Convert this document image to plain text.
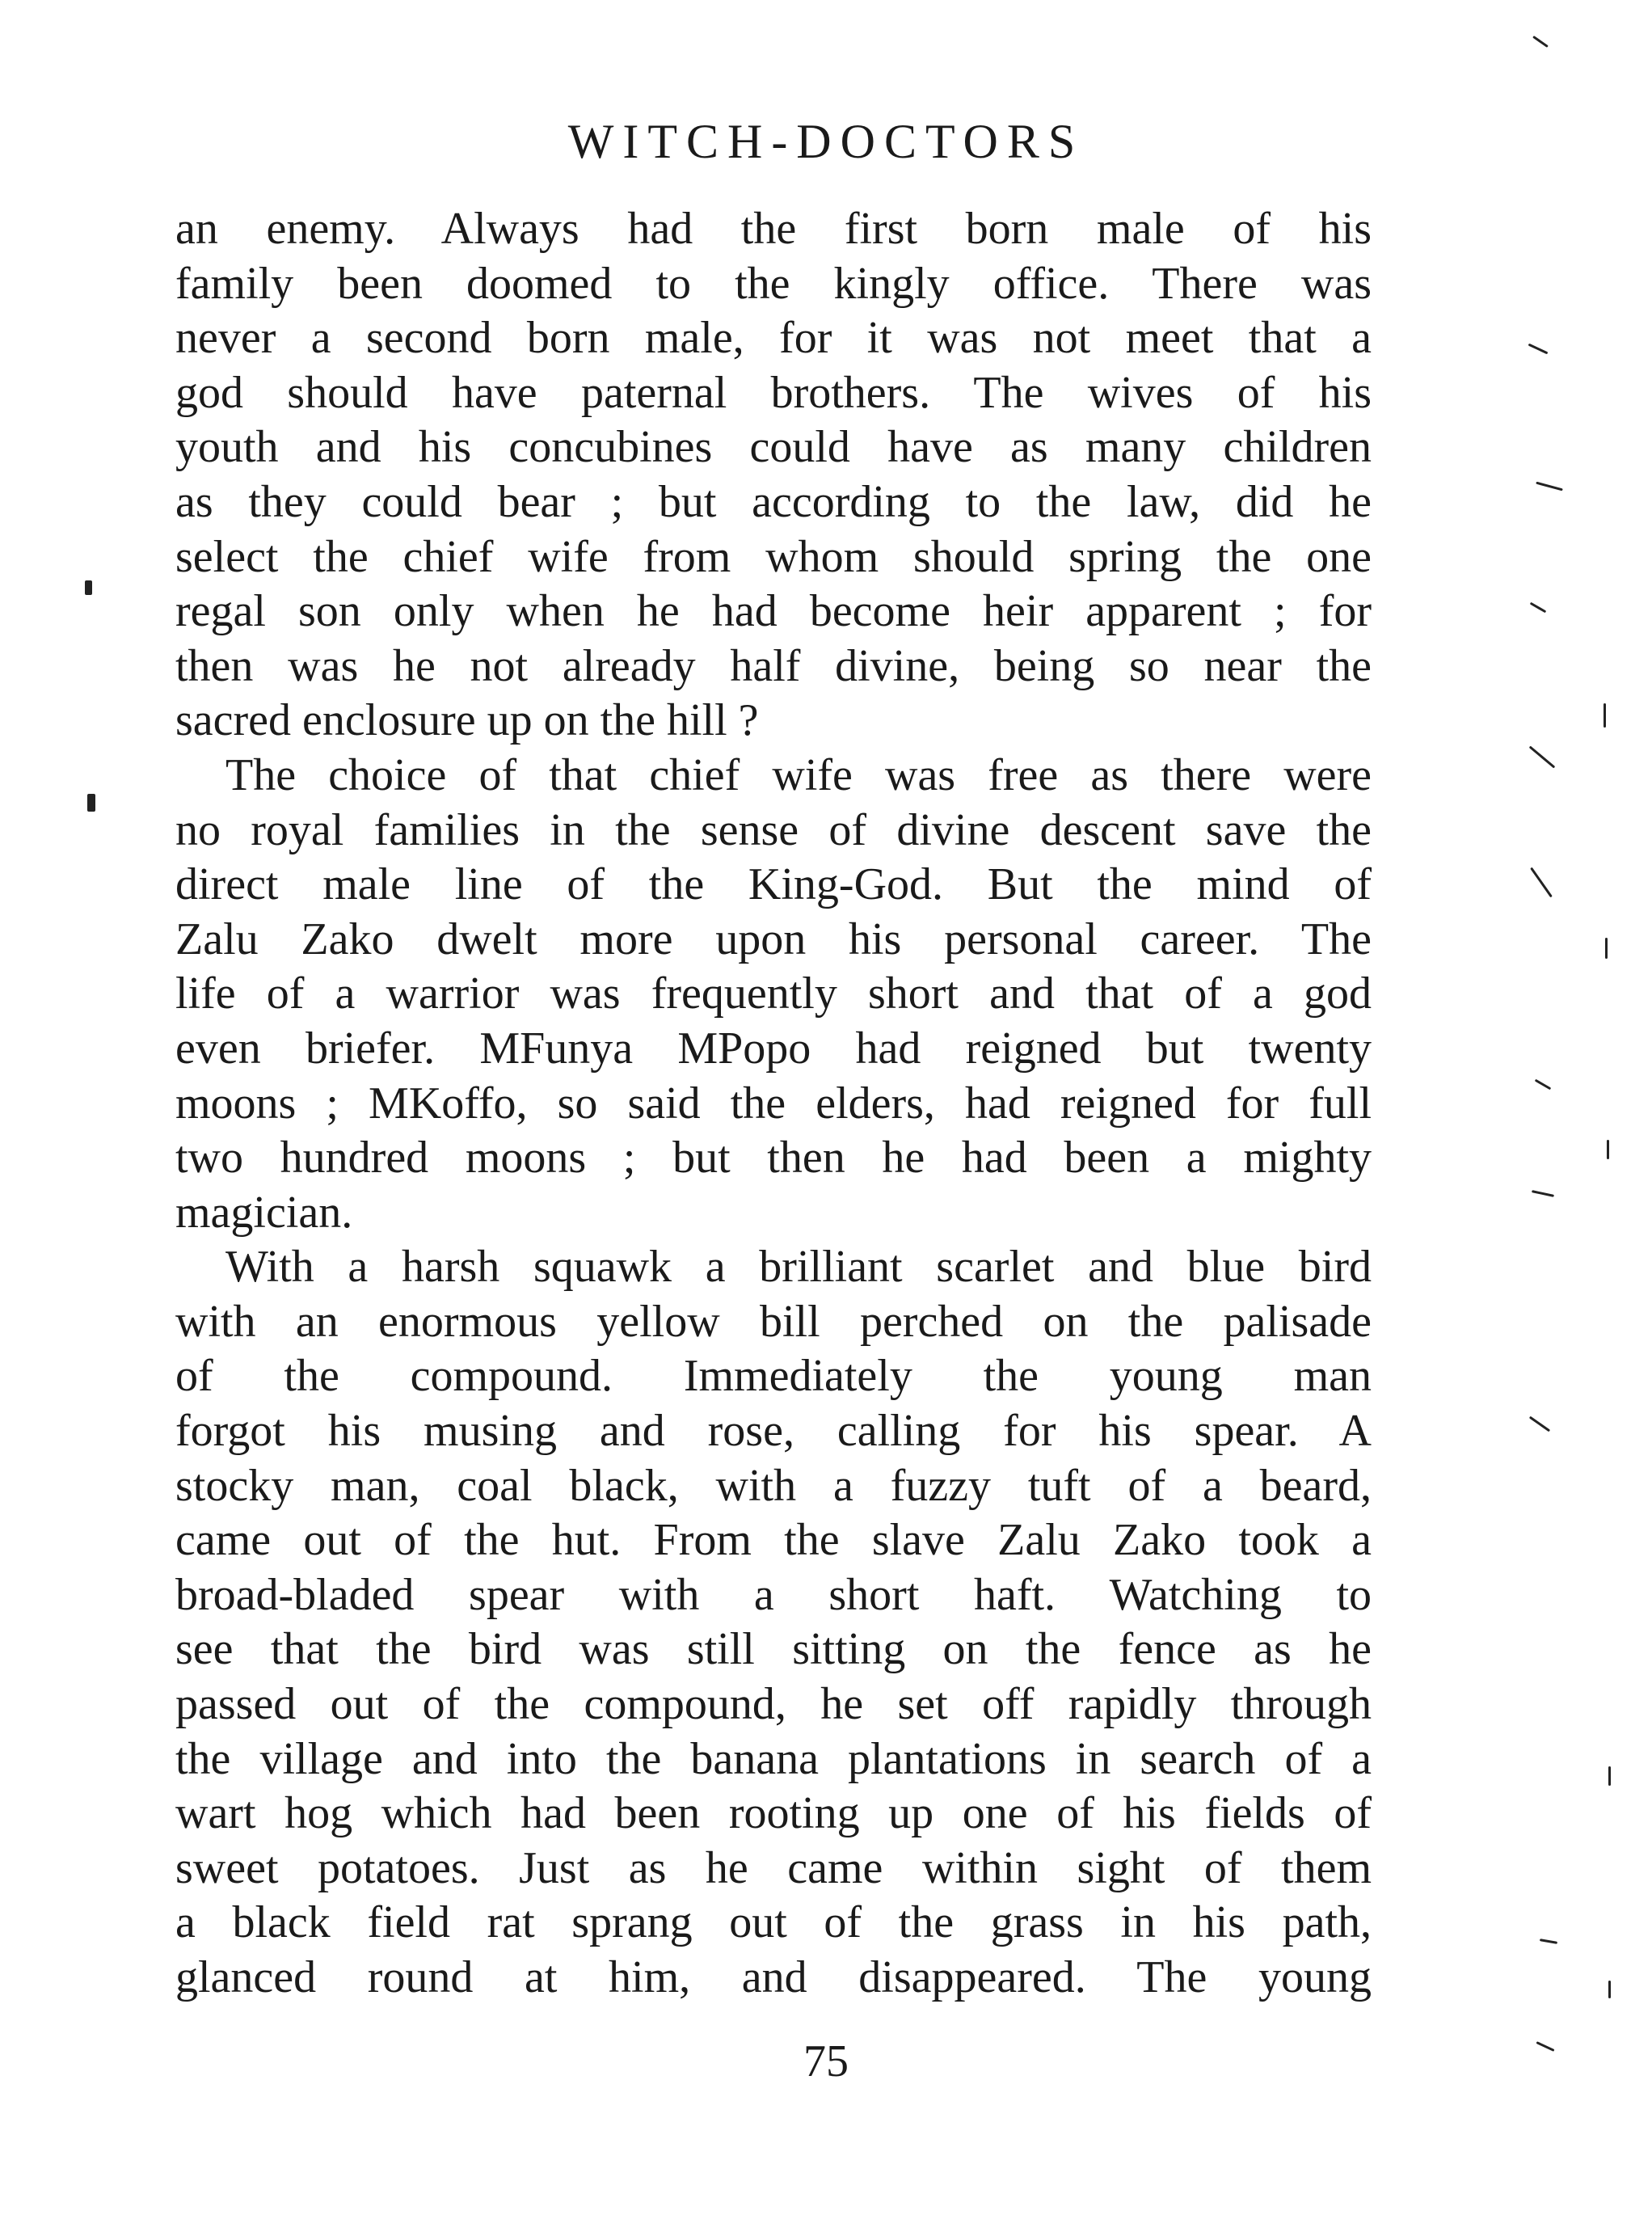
WITCH-DOCTORS
an enemy. Always had the first born male of his
family been doomed to the kingly office. There was
never a second born male, for it was not meet that a
god should have paternal brothers. The wives of his
youth and his concubines could have as many children
as they could bear ; but according to the law, did he
select the chief wife from whom should spring the one
regal son only when he had become heir apparent ; for
then was he not already half divine, being so near the
sacred enclosure up on the hill ?
The choice of that chief wife was free as there were
no royal families in the sense of divine descent save the
direct male line of the King-God. But the mind of
Zalu Zako dwelt more upon his personal career. The
life of a warrior was frequently short and that of a god
even briefer. MFunya MPopo had reigned but twenty
moons ; MKoffo, so said the elders, had reigned for full
two hundred moons ; but then he had been a mighty
magician.
With a harsh squawk a brilliant scarlet and blue bird
with an enormous yellow bill perched on the palisade
of the compound. Immediately the young man
forgot his musing and rose, calling for his spear. A
stocky man, coal black, with a fuzzy tuft of a beard,
came out of the hut. From the slave Zalu Zako took a
broad-bladed spear with a short haft. Watching to
see that the bird was still sitting on the fence as he
passed out of the compound, he set off rapidly through
the village and into the banana plantations in search of a
wart hog which had been rooting up one of his fields of
sweet potatoes. Just as he came within sight of them
a black field rat sprang out of the grass in his path,
glanced round at him, and disappeared. The young
75
